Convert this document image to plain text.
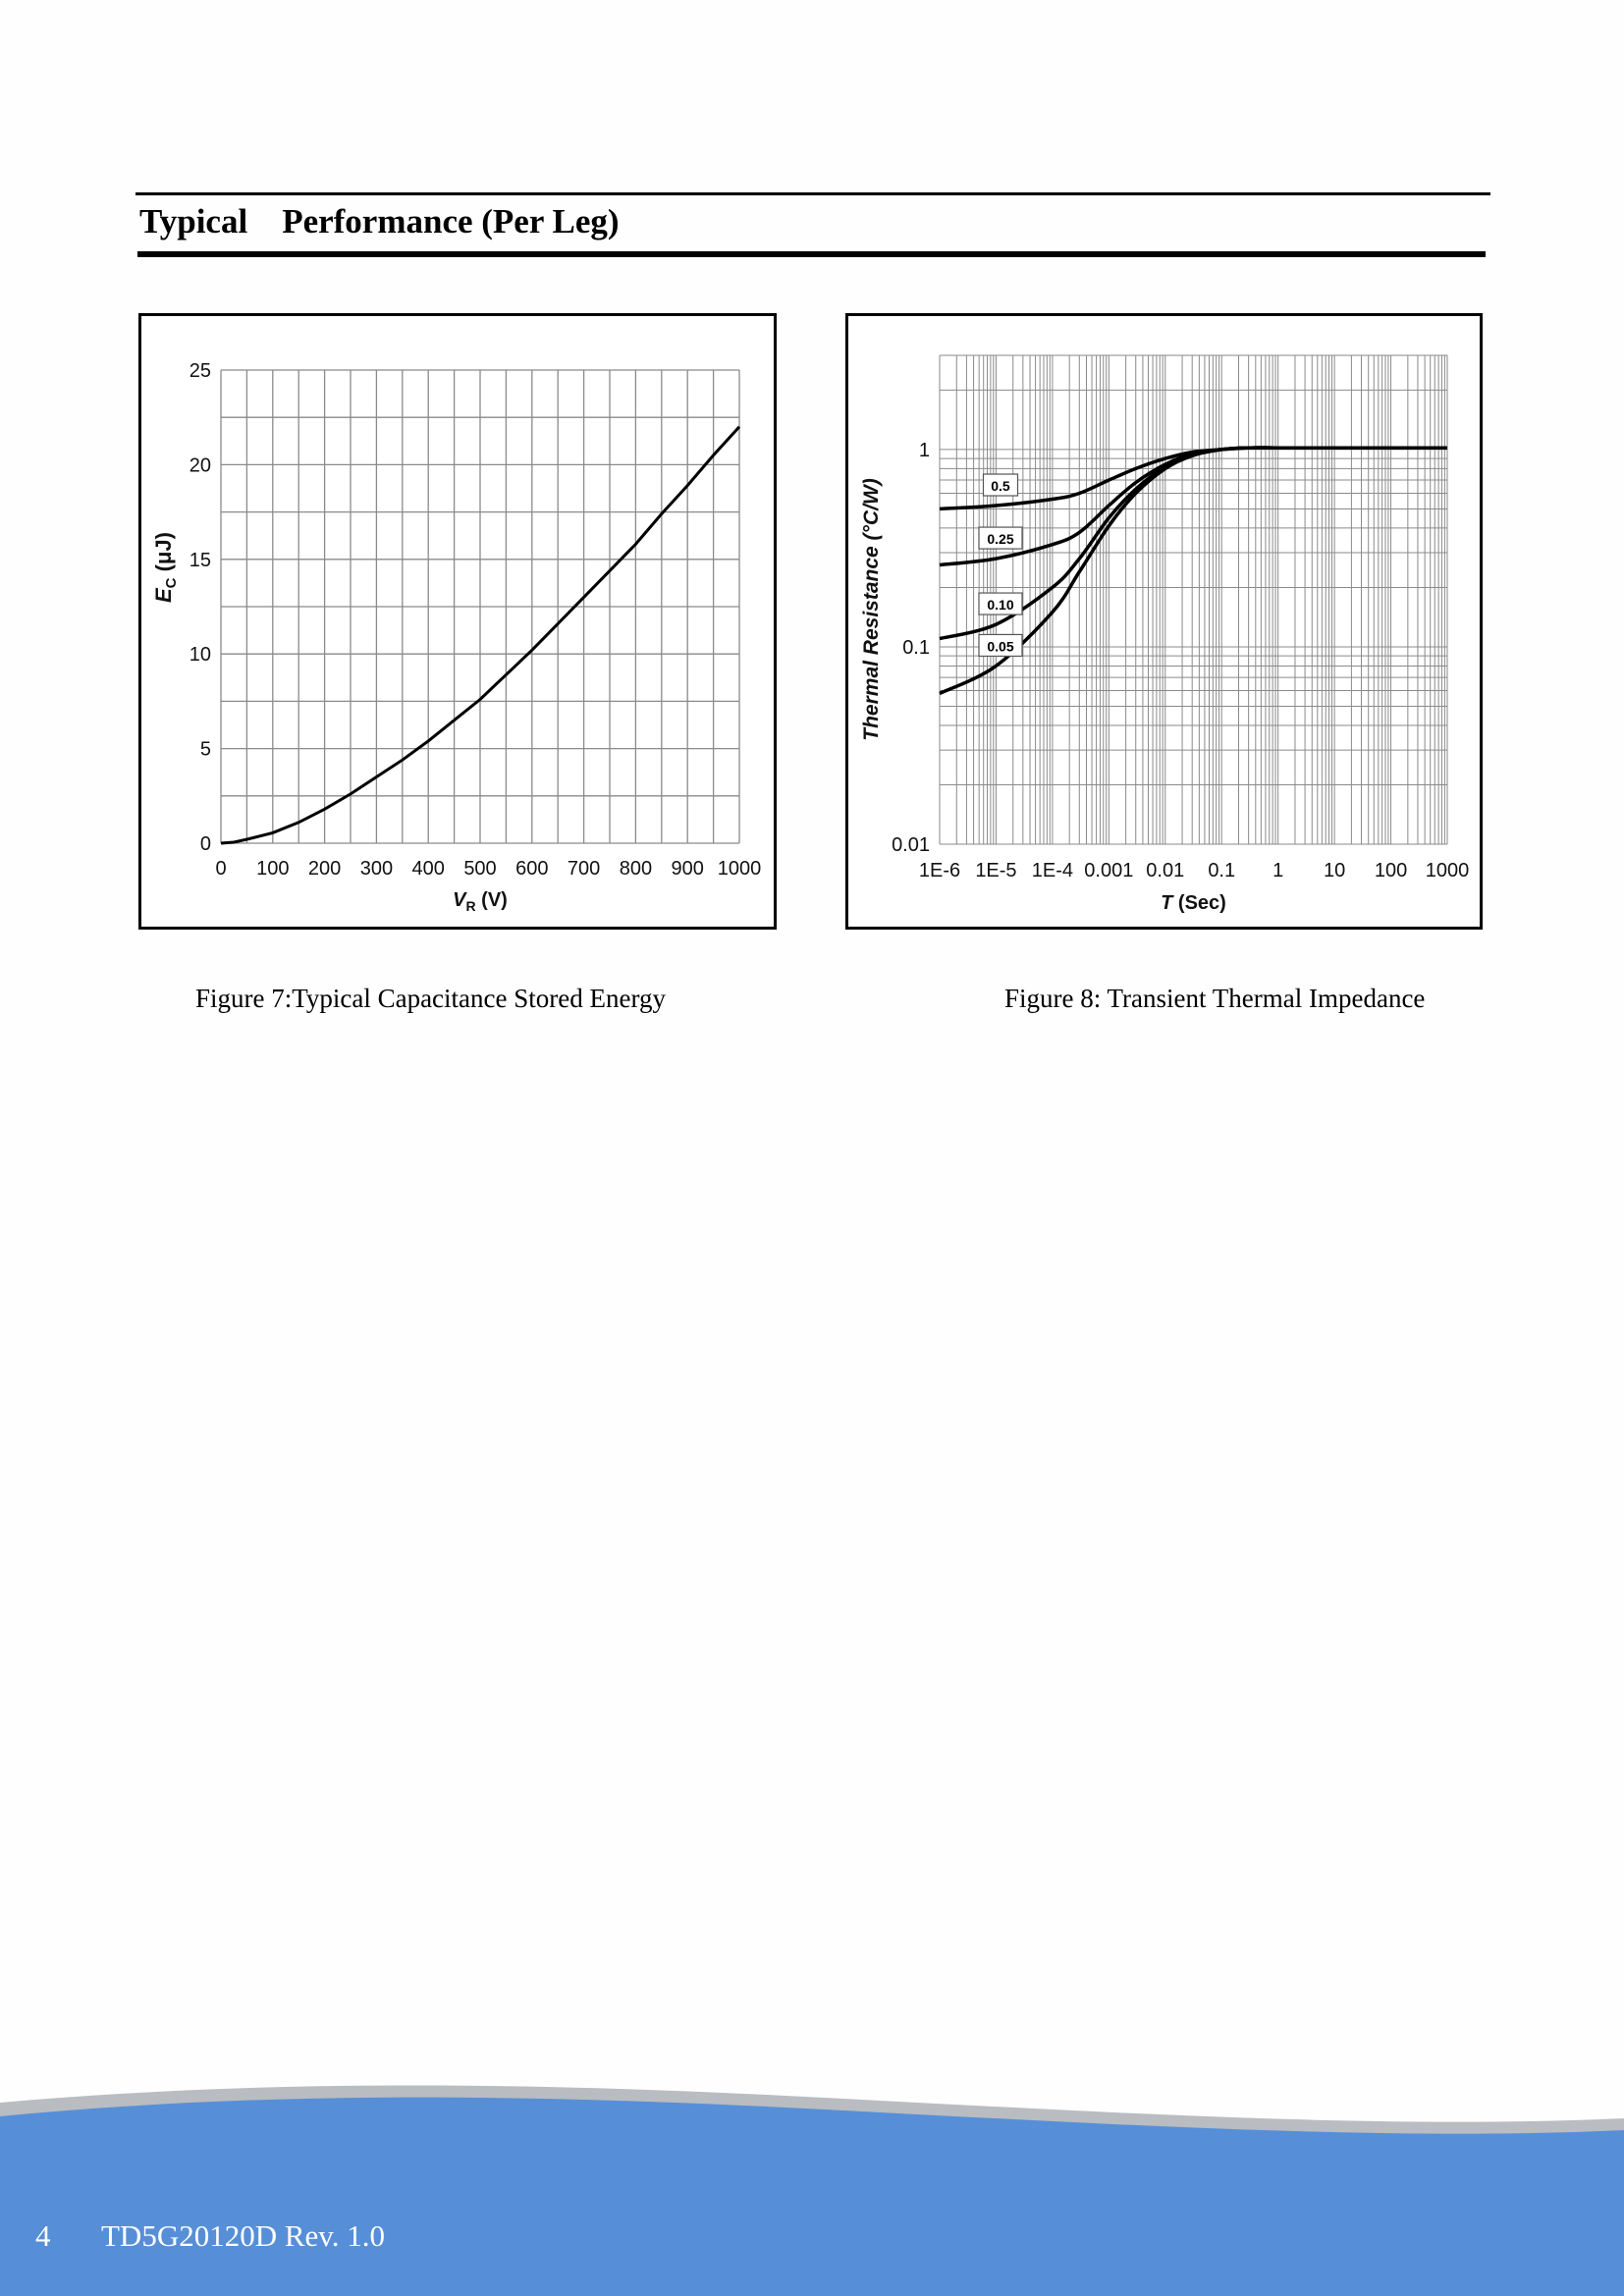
Typical    Performance (Per Leg)
0 100 200 300 400 500 600 700 800 900 1000
0
5
10
15
20
25
$V_R$ (V)
$E_C$ (μJ)
Figure 7:Typical Capacitance Stored Energy
1E-6 1E-5 1E-4 0.001 0.01 0.1 1 10 100 1000
0.01
0.1
1
T (Sec)
Thermal Resistance (°C/W)	0.5
0.25
0.10
0.05
Figure 8: Transient Thermal Impedance
4 TD5G20120D Rev. 1.0
